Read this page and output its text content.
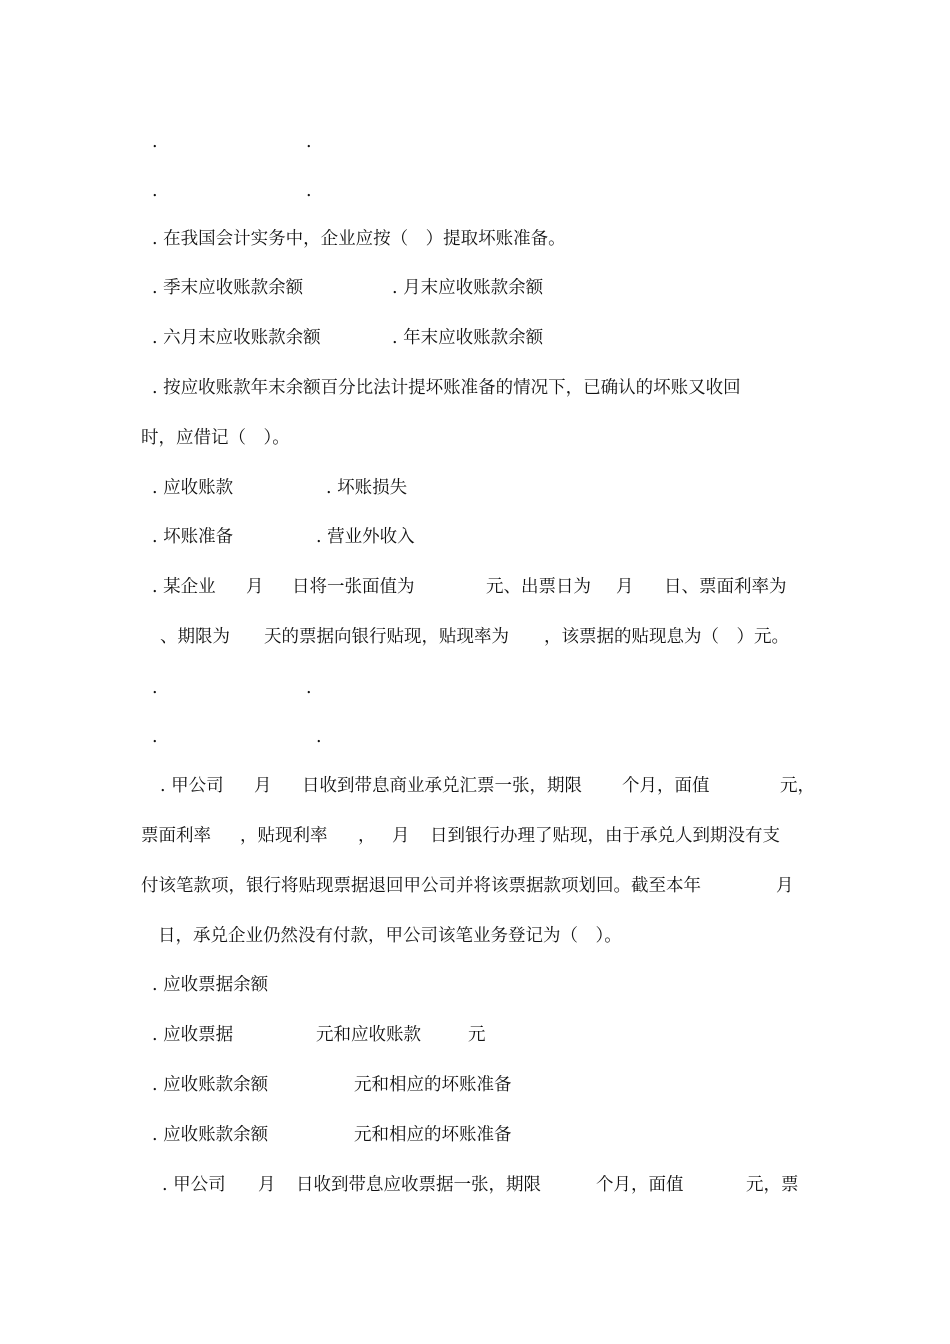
.	.
.	.
. 在我国会计实务中，企业应按（　）提取坏账准备。
. 季末应收账款余额	. 月末应收账款余额
. 六月末应收账款余额	. 年末应收账款余额
. 按应收账款年末余额百分比法计提坏账准备的情况下，已确认的坏账又收回
时，应借记（　）。
. 应收账款	. 坏账损失
. 坏账准备	. 营业外收入
. 某企业 月 日将一张面值为	元、出票日为 月 日、票面利率为
、期限为 天的票据向银行贴现，贴现率为 ，该票据的贴现息为（　）元。
.	.
.	.
. 甲公司 月 日收到带息商业承兑汇票一张，期限 个月，面值	元，
票面利率 ，贴现利率 ， 月 日到银行办理了贴现，由于承兑人到期没有支
付该笔款项，银行将贴现票据退回甲公司并将该票据款项划回。截至本年	月
日，承兑企业仍然没有付款，甲公司该笔业务登记为（　）。
. 应收票据余额
. 应收票据	元和应收账款	元
. 应收账款余额	元和相应的坏账准备
. 应收账款余额	元和相应的坏账准备
. 甲公司 月 日收到带息应收票据一张，期限	个月，面值	元，票
